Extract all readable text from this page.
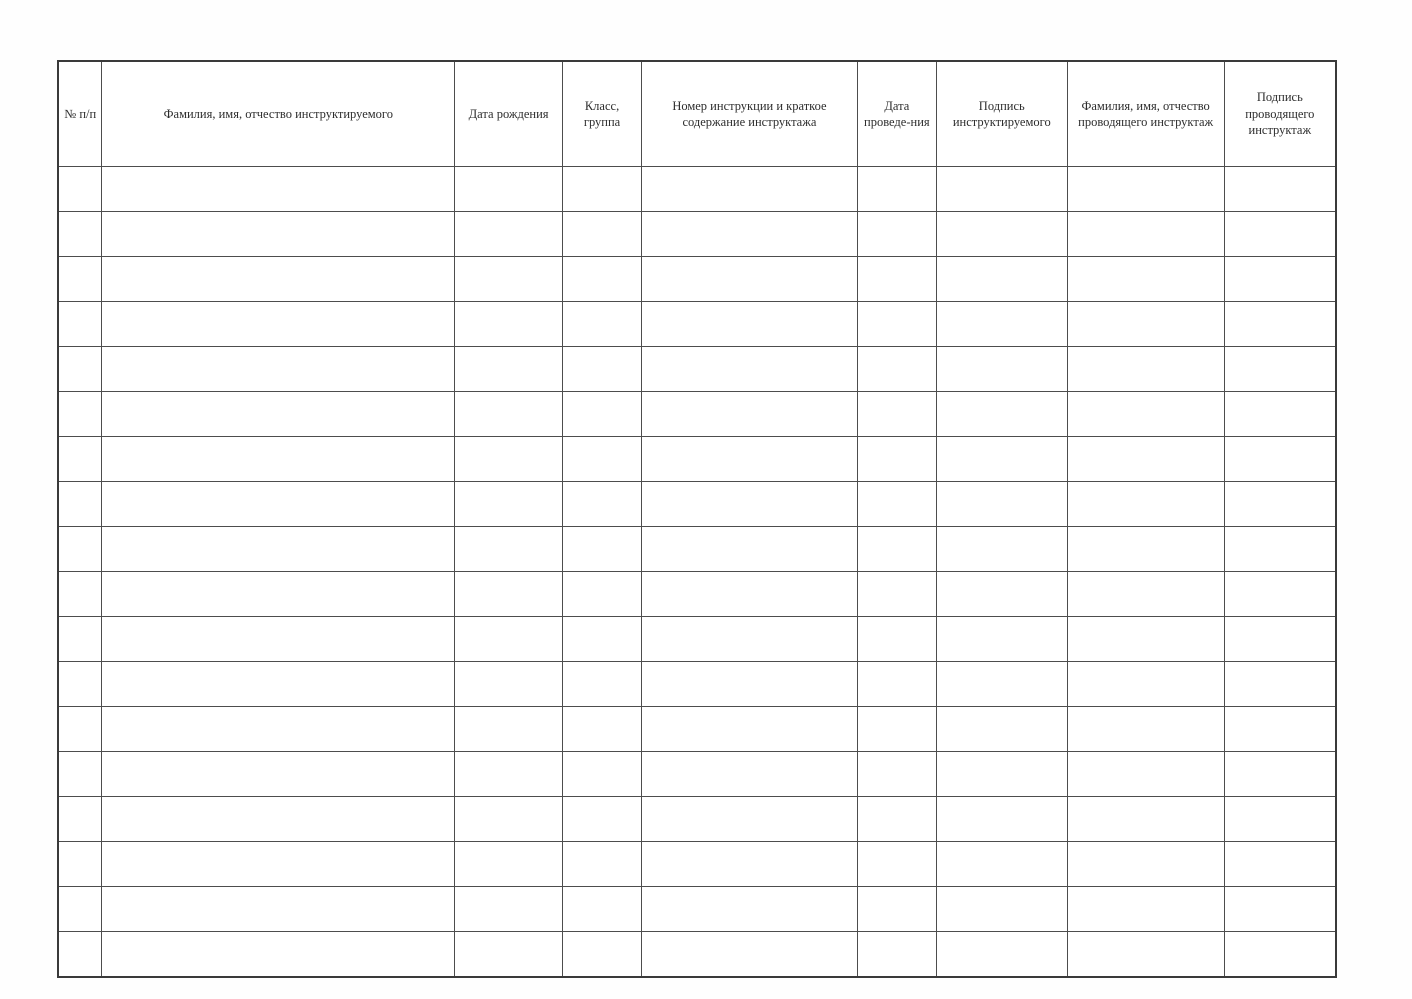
№ п/п	Фамилия, имя, отчество инструктируемого	Дата рождения	Класс, группа	Номер инструкции и краткое содержание инструктажа	Дата проведе-ния	Подпись инструктируемого	Фамилия, имя, отчество проводящего инструктаж	Подпись проводящего инструктаж
